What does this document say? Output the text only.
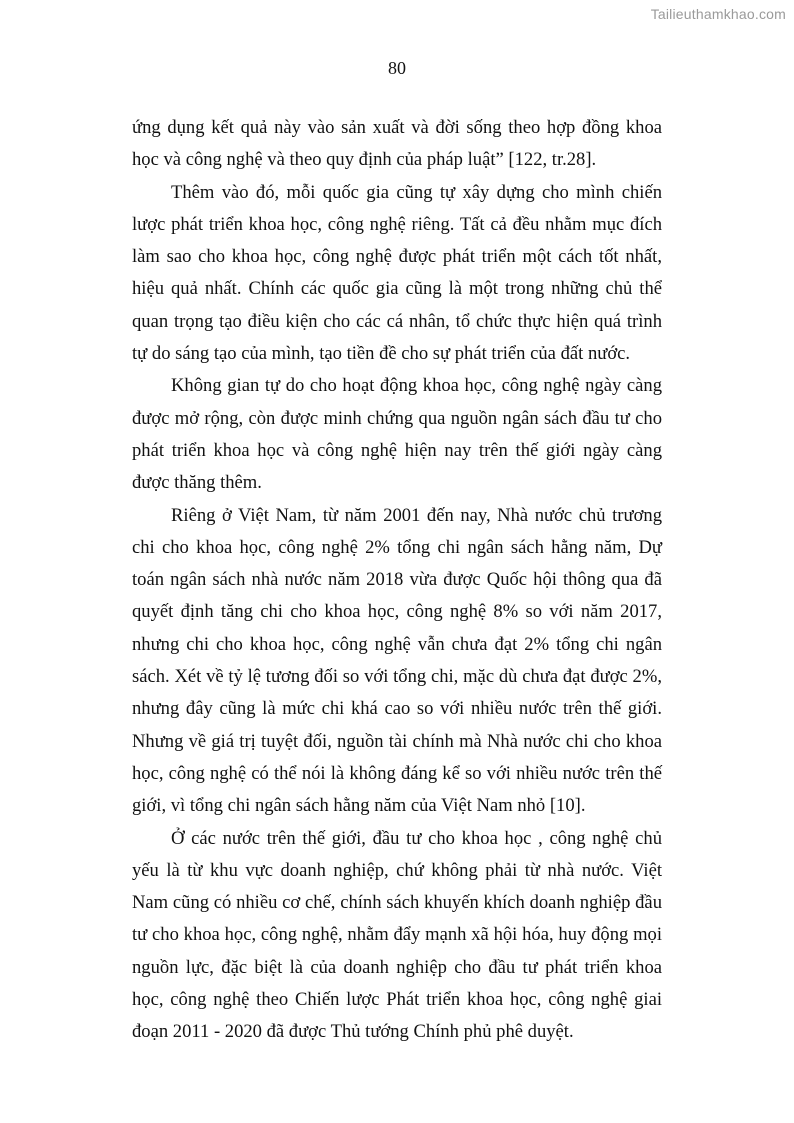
Tailieuthamkhao.com
80

ứng dụng kết quả này vào sản xuất và đời sống theo hợp đồng khoa học và công nghệ và theo quy định của pháp luật” [122, tr.28].

Thêm vào đó, mỗi quốc gia cũng tự xây dựng cho mình chiến lược phát triển khoa học, công nghệ riêng. Tất cả đều nhằm mục đích làm sao cho khoa học, công nghệ được phát triển một cách tốt nhất, hiệu quả nhất. Chính các quốc gia cũng là một trong những chủ thể quan trọng tạo điều kiện cho các cá nhân, tổ chức thực hiện quá trình tự do sáng tạo của mình, tạo tiền đề cho sự phát triển của đất nước.

Không gian tự do cho hoạt động khoa học, công nghệ ngày càng được mở rộng, còn được minh chứng qua nguồn ngân sách đầu tư cho phát triển khoa học và công nghệ hiện nay trên thế giới ngày càng được thăng thêm.

Riêng ở Việt Nam, từ năm 2001 đến nay, Nhà nước chủ trương chi cho khoa học, công nghệ 2% tổng chi ngân sách hằng năm, Dự toán ngân sách nhà nước năm 2018 vừa được Quốc hội thông qua đã quyết định tăng chi cho khoa học, công nghệ 8% so với năm 2017, nhưng chi cho khoa học, công nghệ vẫn chưa đạt 2% tổng chi ngân sách. Xét về tỷ lệ tương đối so với tổng chi, mặc dù chưa đạt được 2%, nhưng đây cũng là mức chi khá cao so với nhiều nước trên thế giới. Nhưng về giá trị tuyệt đối, nguồn tài chính mà Nhà nước chi cho khoa học, công nghệ có thể nói là không đáng kể so với nhiều nước trên thế giới, vì tổng chi ngân sách hằng năm của Việt Nam nhỏ [10].

Ở các nước trên thế giới, đầu tư cho khoa học , công nghệ chủ yếu là từ khu vực doanh nghiệp, chứ không phải từ nhà nước. Việt Nam cũng có nhiều cơ chế, chính sách khuyến khích doanh nghiệp đầu tư cho khoa học, công nghệ, nhằm đẩy mạnh xã hội hóa, huy động mọi nguồn lực, đặc biệt là của doanh nghiệp cho đầu tư phát triển khoa học, công nghệ theo Chiến lược Phát triển khoa học, công nghệ giai đoạn 2011 - 2020 đã được Thủ tướng Chính phủ phê duyệt.
